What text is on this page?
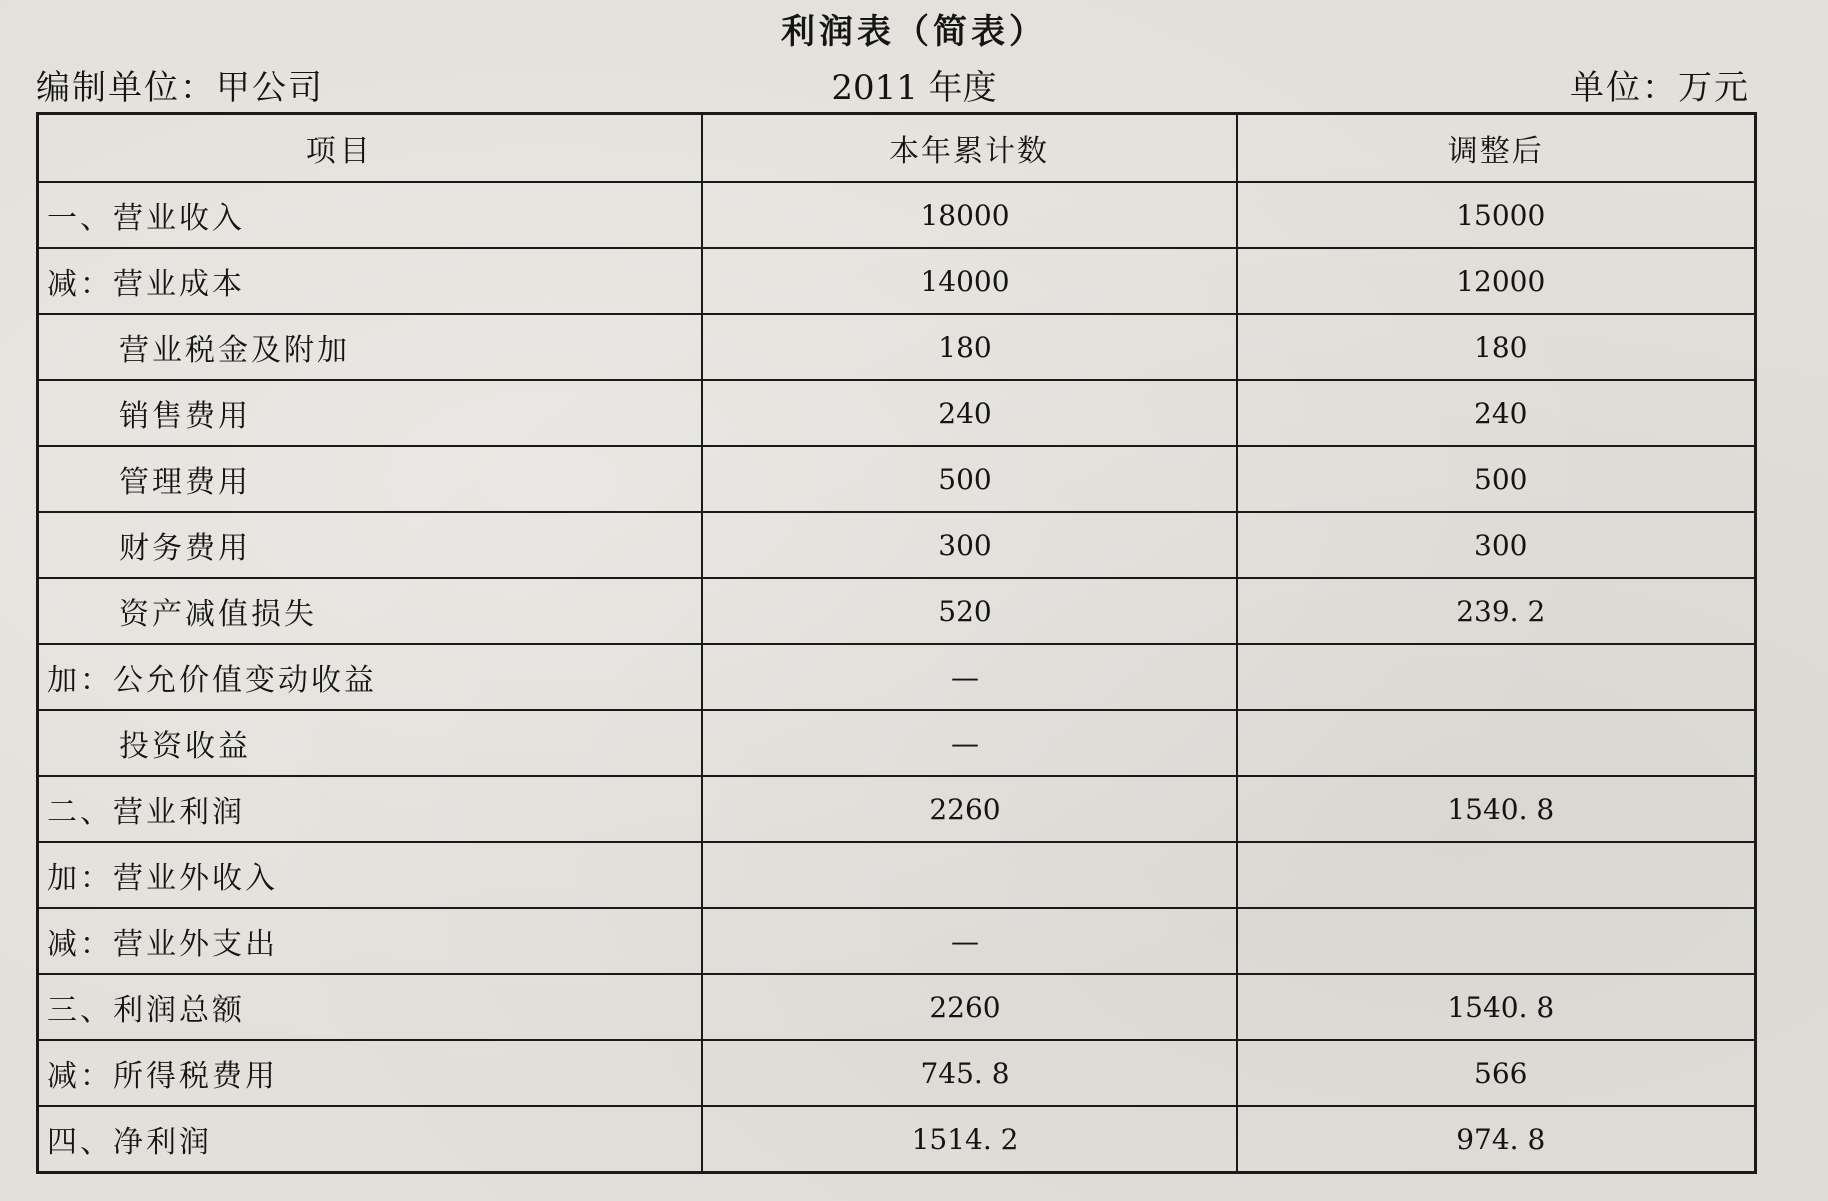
利润表（简表）
编制单位：甲公司	2011 年度	单位：万元
项目	本年累计数	调整后
一、营业收入	18000	15000
减：营业成本	14000	12000
营业税金及附加	180	180
销售费用	240	240
管理费用	500	500
财务费用	300	300
资产减值损失	520	239. 2
加：公允价值变动收益	—	
投资收益	—	
二、营业利润	2260	1540. 8
加：营业外收入		
减：营业外支出	—	
三、利润总额	2260	1540. 8
减：所得税费用	745. 8	566
四、净利润	1514. 2	974. 8
